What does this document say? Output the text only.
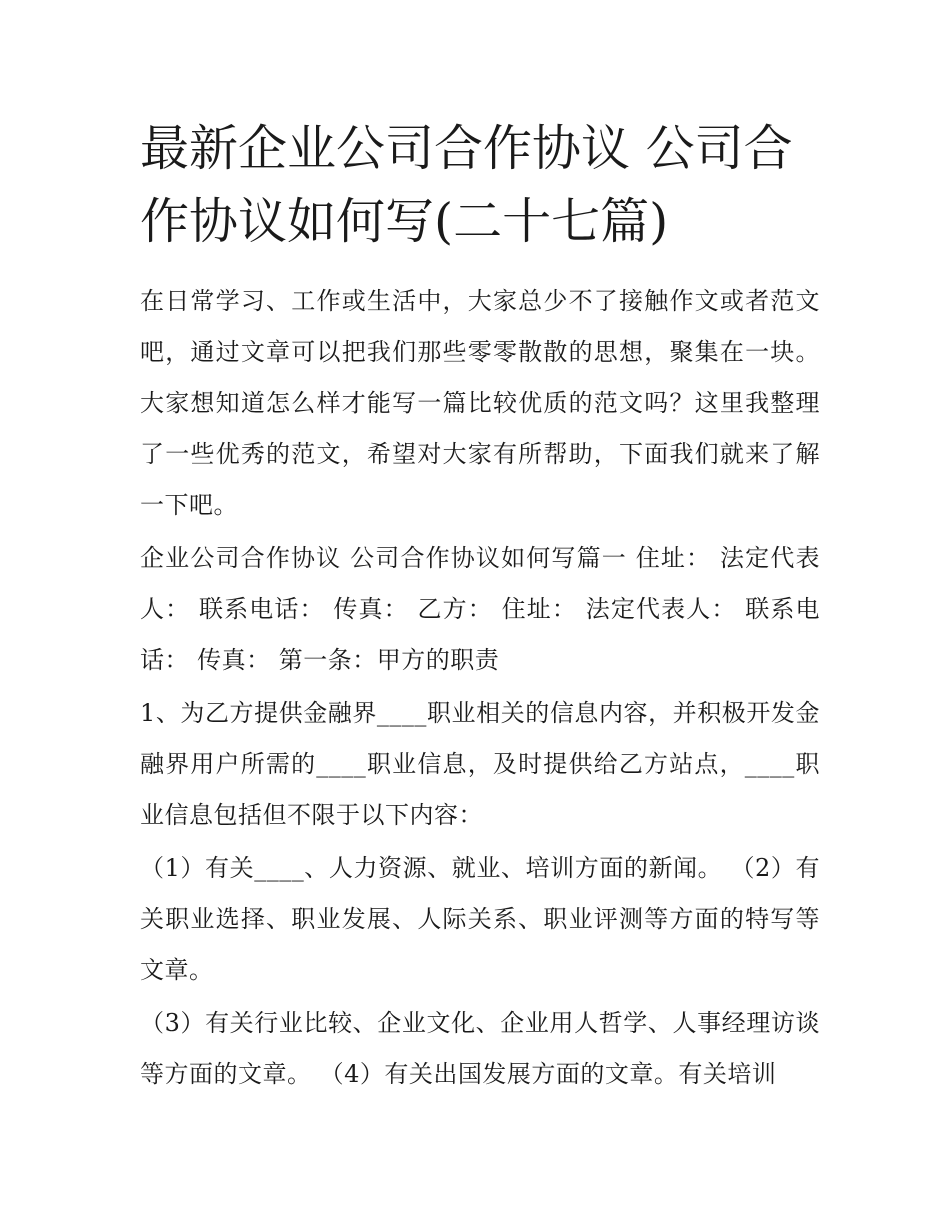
最新企业公司合作协议 公司合作协议如何写(二十七篇)

在日常学习、工作或生活中，大家总少不了接触作文或者范文吧，通过文章可以把我们那些零零散散的思想，聚集在一块。大家想知道怎么样才能写一篇比较优质的范文吗？这里我整理了一些优秀的范文，希望对大家有所帮助，下面我们就来了解一下吧。

企业公司合作协议 公司合作协议如何写篇一 住址： 法定代表人： 联系电话： 传真： 乙方： 住址： 法定代表人： 联系电话： 传真： 第一条：甲方的职责

1、为乙方提供金融界____职业相关的信息内容，并积极开发金融界用户所需的____职业信息，及时提供给乙方站点，____职业信息包括但不限于以下内容：

（1）有关____、人力资源、就业、培训方面的新闻。 （2）有关职业选择、职业发展、人际关系、职业评测等方面的特写等文章。

（3）有关行业比较、企业文化、企业用人哲学、人事经理访谈等方面的文章。 （4）有关出国发展方面的文章。有关培训
